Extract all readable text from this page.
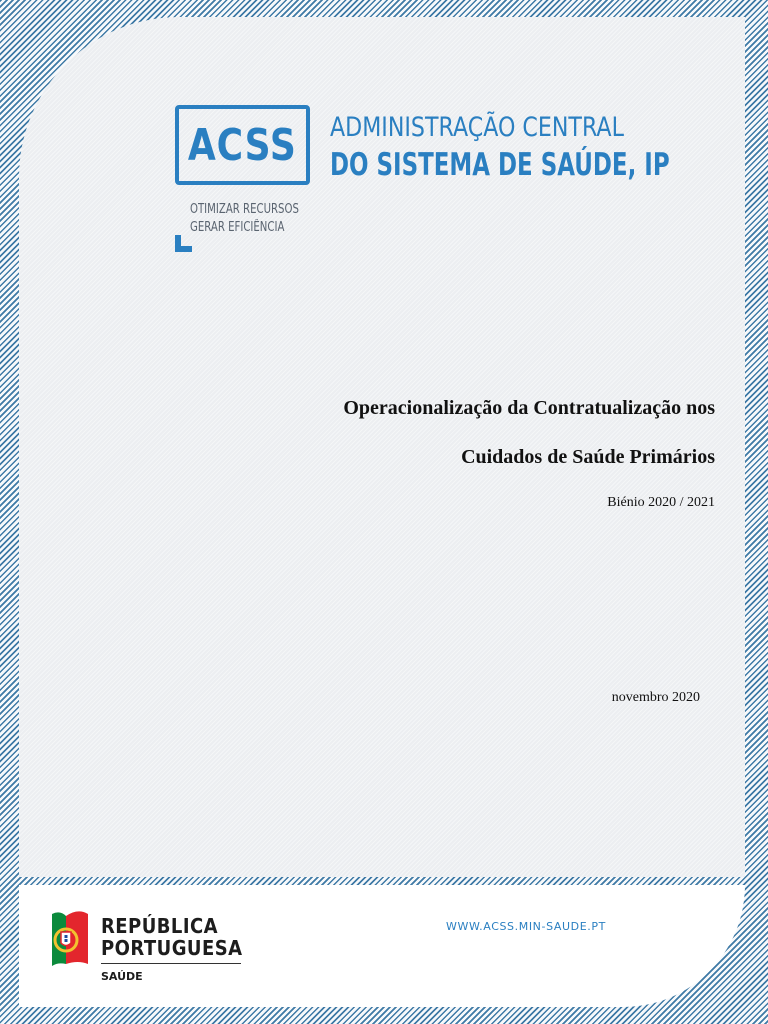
ACSS ADMINISTRAÇÃO CENTRAL
DO SISTEMA DE SAÚDE, IP
OTIMIZAR RECURSOS
GERAR EFICIÊNCIA
Operacionalização da Contratualização nos
Cuidados de Saúde Primários
Biénio 2020 / 2021
novembro 2020
REPÚBLICA
PORTUGUESA
SAÚDE
WWW.ACSS.MIN-SAUDE.PT
